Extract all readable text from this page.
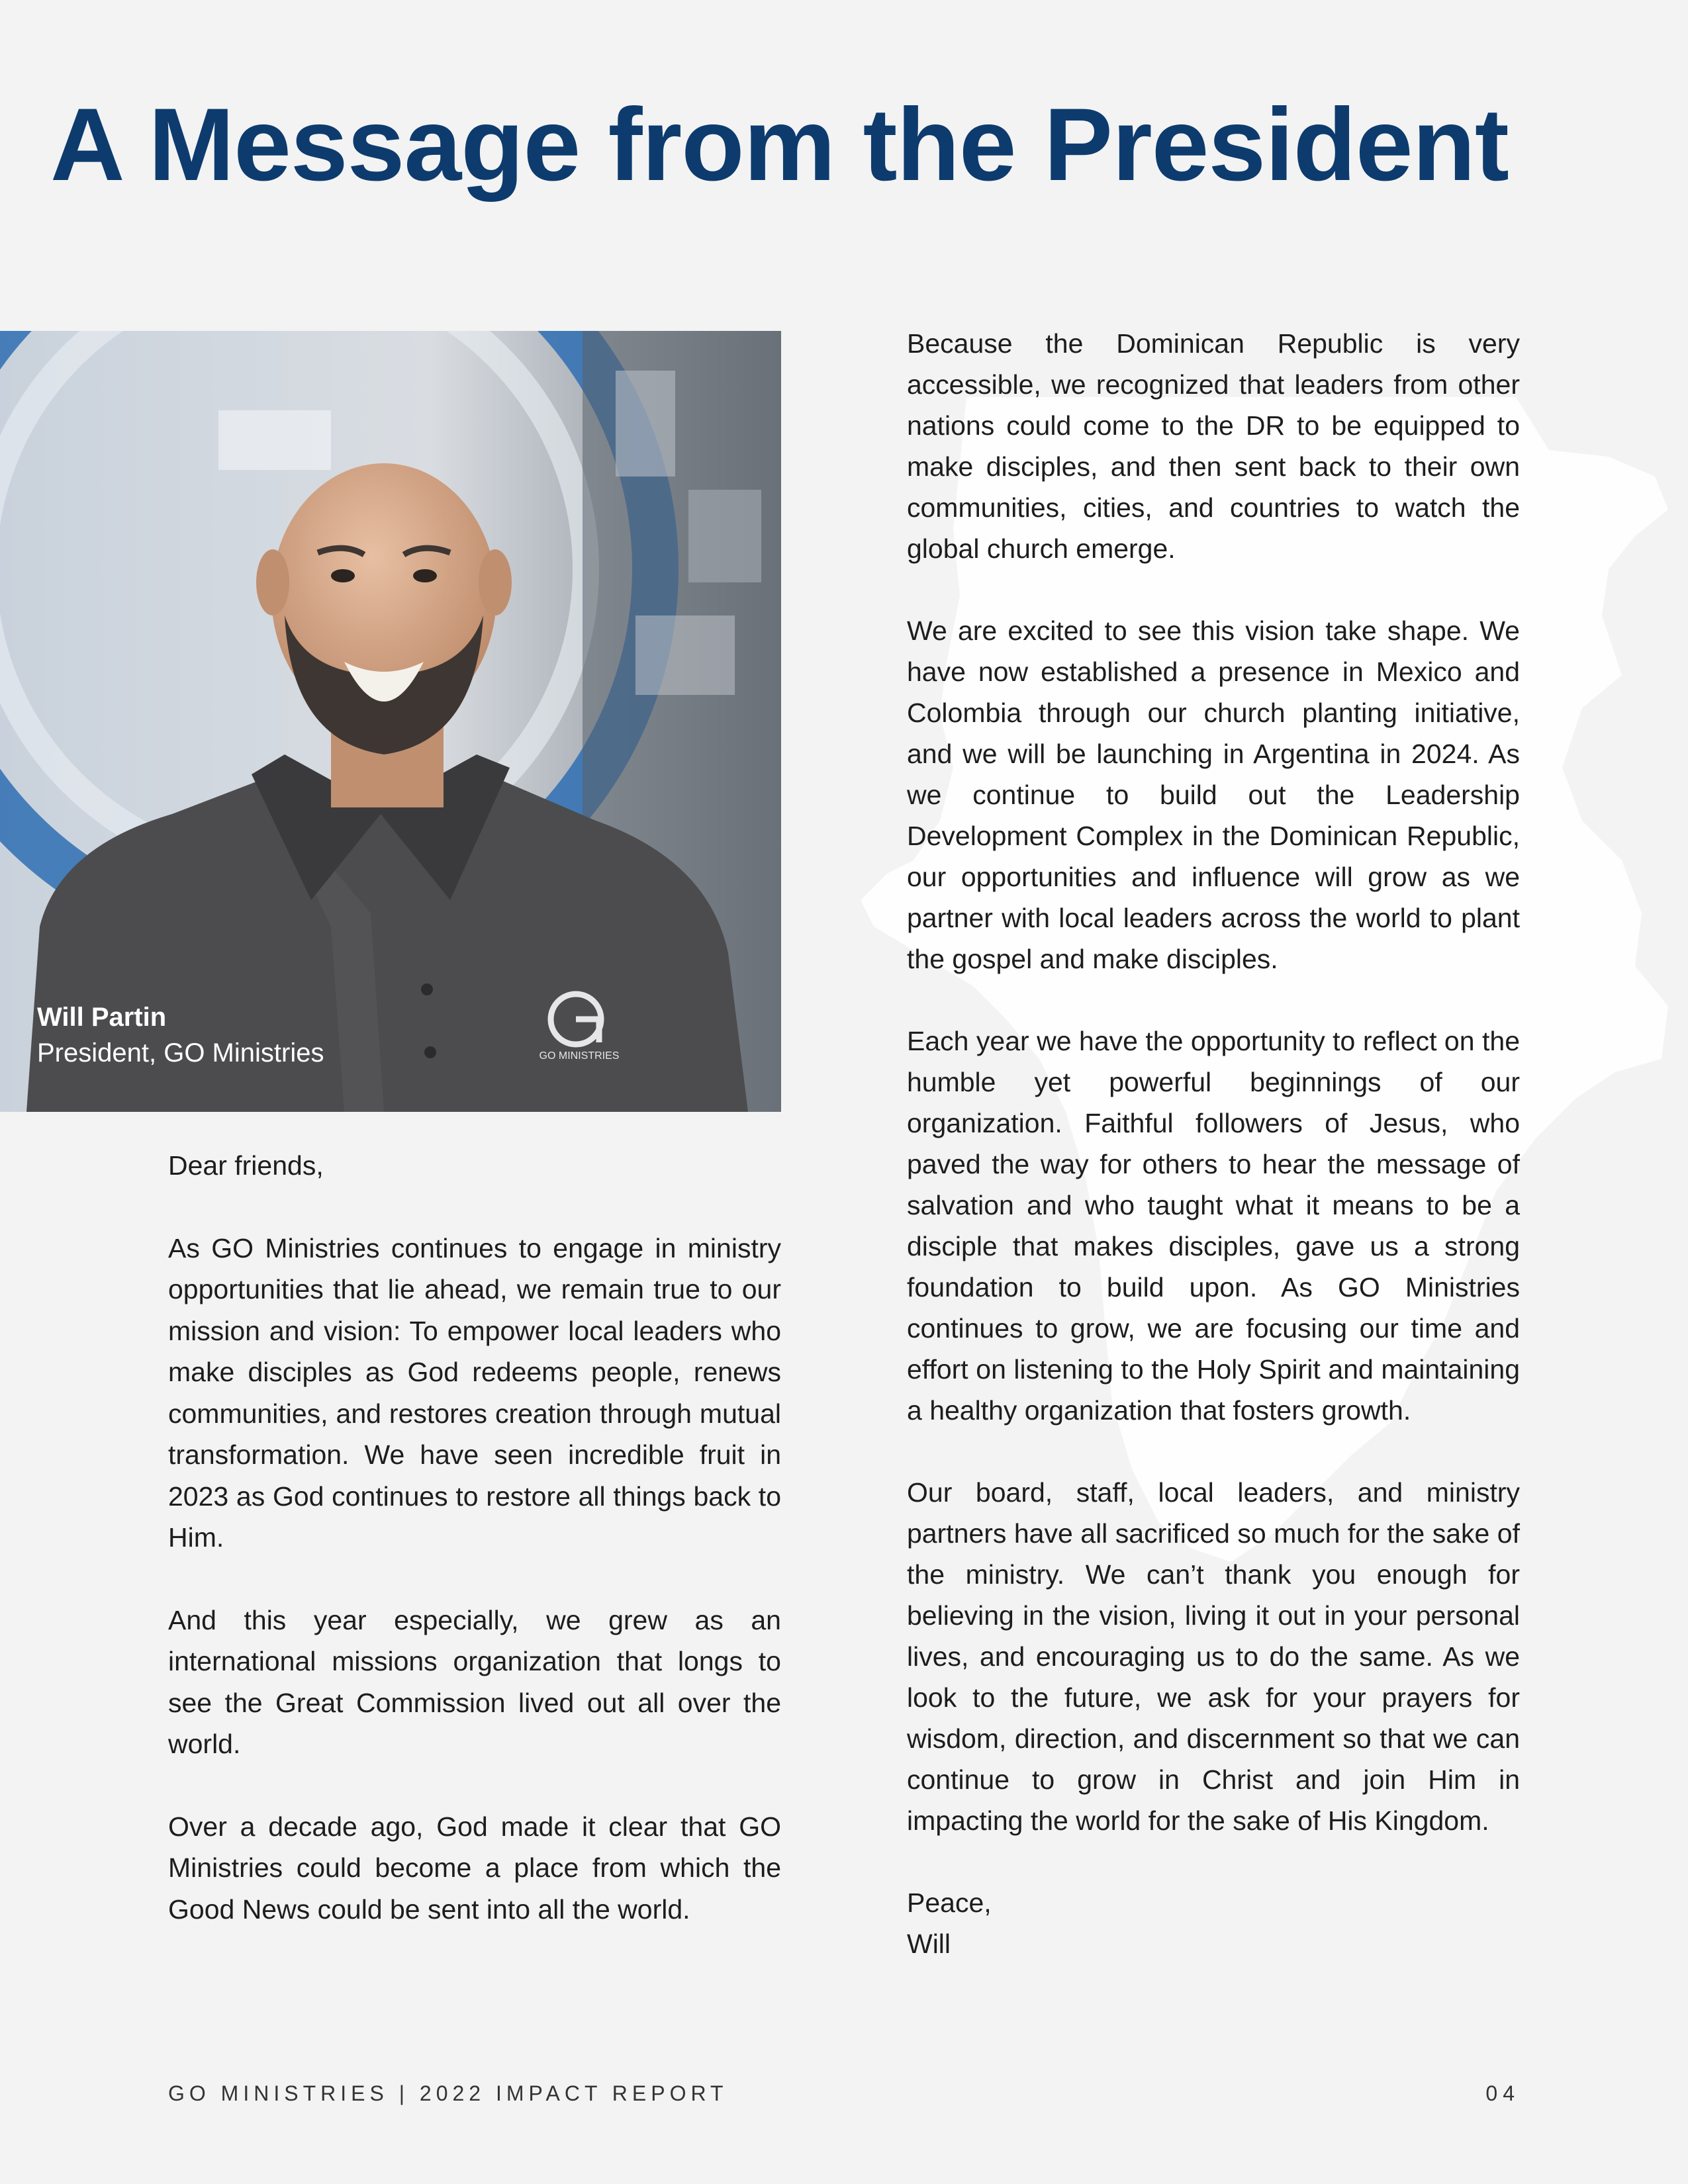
A Message from the President
GO MINISTRIES
Will Partin
President, GO Ministries

Dear friends,

As GO Ministries continues to engage in ministry opportunities that lie ahead, we remain true to our mission and vision: To empower local leaders who make disciples as God redeems people, renews communities, and restores creation through mutual transformation. We have seen incredible fruit in 2023 as God continues to restore all things back to Him.

And this year especially, we grew as an international missions organization that longs to see the Great Commission lived out all over the world.

Over a decade ago, God made it clear that GO Ministries could become a place from which the Good News could be sent into all the world.

Because the Dominican Republic is very accessible, we recognized that leaders from other nations could come to the DR to be equipped to make disciples, and then sent back to their own communities, cities, and countries to watch the global church emerge.

We are excited to see this vision take shape. We have now established a presence in Mexico and Colombia through our church planting initiative, and we will be launching in Argentina in 2024. As we continue to build out the Leadership Development Complex in the Dominican Republic, our opportunities and influence will grow as we partner with local leaders across the world to plant the gospel and make disciples.

Each year we have the opportunity to reflect on the humble yet powerful beginnings of our organization. Faithful followers of Jesus, who paved the way for others to hear the message of salvation and who taught what it means to be a disciple that makes disciples, gave us a strong foundation to build upon. As GO Ministries continues to grow, we are focusing our time and effort on listening to the Holy Spirit and maintaining a healthy organization that fosters growth.

Our board, staff, local leaders, and ministry partners have all sacrificed so much for the sake of the ministry. We can’t thank you enough for believing in the vision, living it out in your personal lives, and encouraging us to do the same. As we look to the future, we ask for your prayers for wisdom, direction, and discernment so that we can continue to grow in Christ and join Him in impacting the world for the sake of His Kingdom.

Peace,

Will

GO MINISTRIES | 2022 IMPACT REPORT	04
